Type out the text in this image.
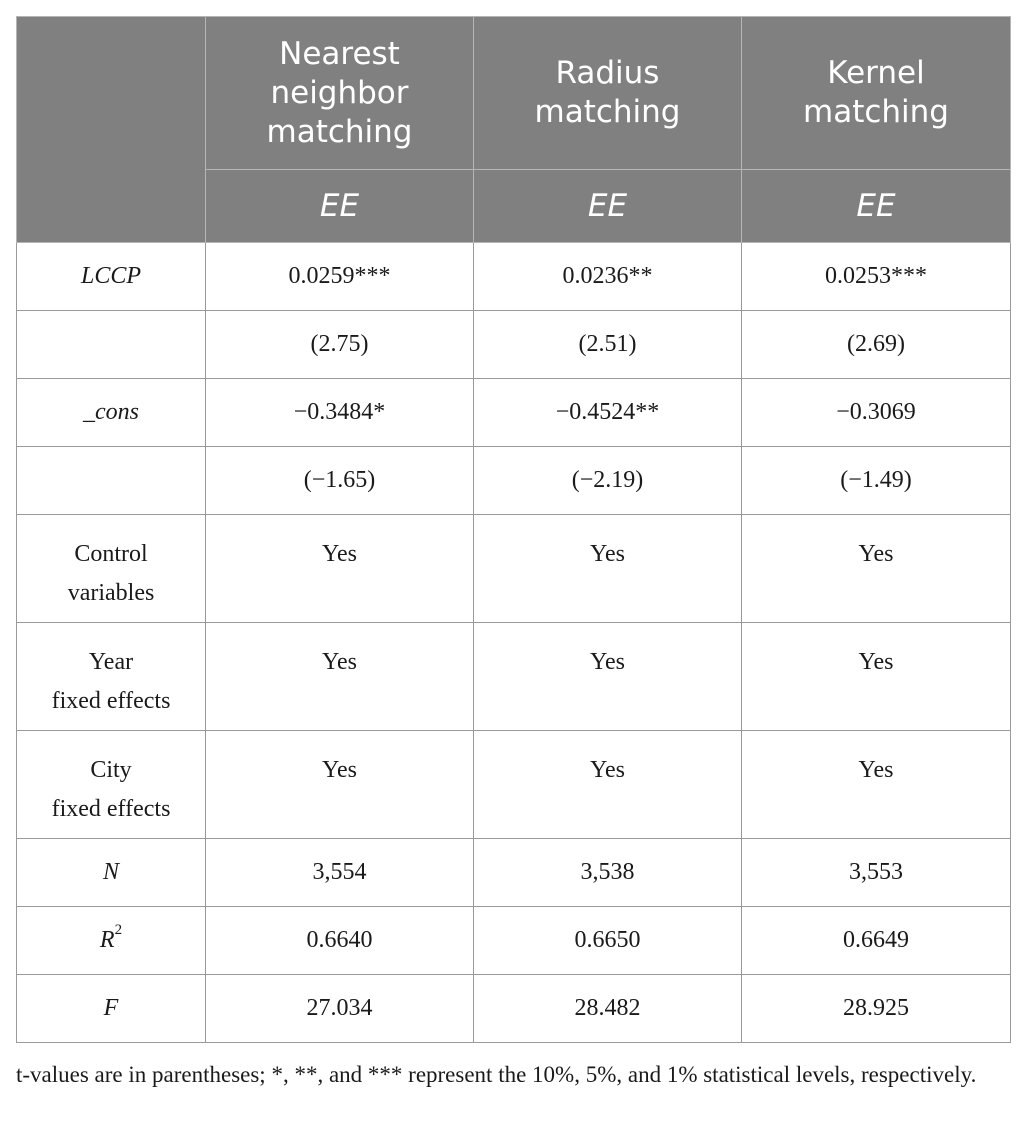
	Nearest
neighbor
matching	Radius
matching	Kernel
matching
	EE	EE	EE
LCCP	0.0259***	0.0236**	0.0253***
	(2.75)	(2.51)	(2.69)
_cons	−0.3484*	−0.4524**	−0.3069
	(−1.65)	(−2.19)	(−1.49)
Control
variables	Yes	Yes	Yes
Year
fixed effects	Yes	Yes	Yes
City
fixed effects	Yes	Yes	Yes
N	3,554	3,538	3,553
$R^2$	0.6640	0.6650	0.6649
F	27.034	28.482	28.925
t-values are in parentheses; *, **, and *** represent the 10%, 5%, and 1% statistical levels, respectively.
